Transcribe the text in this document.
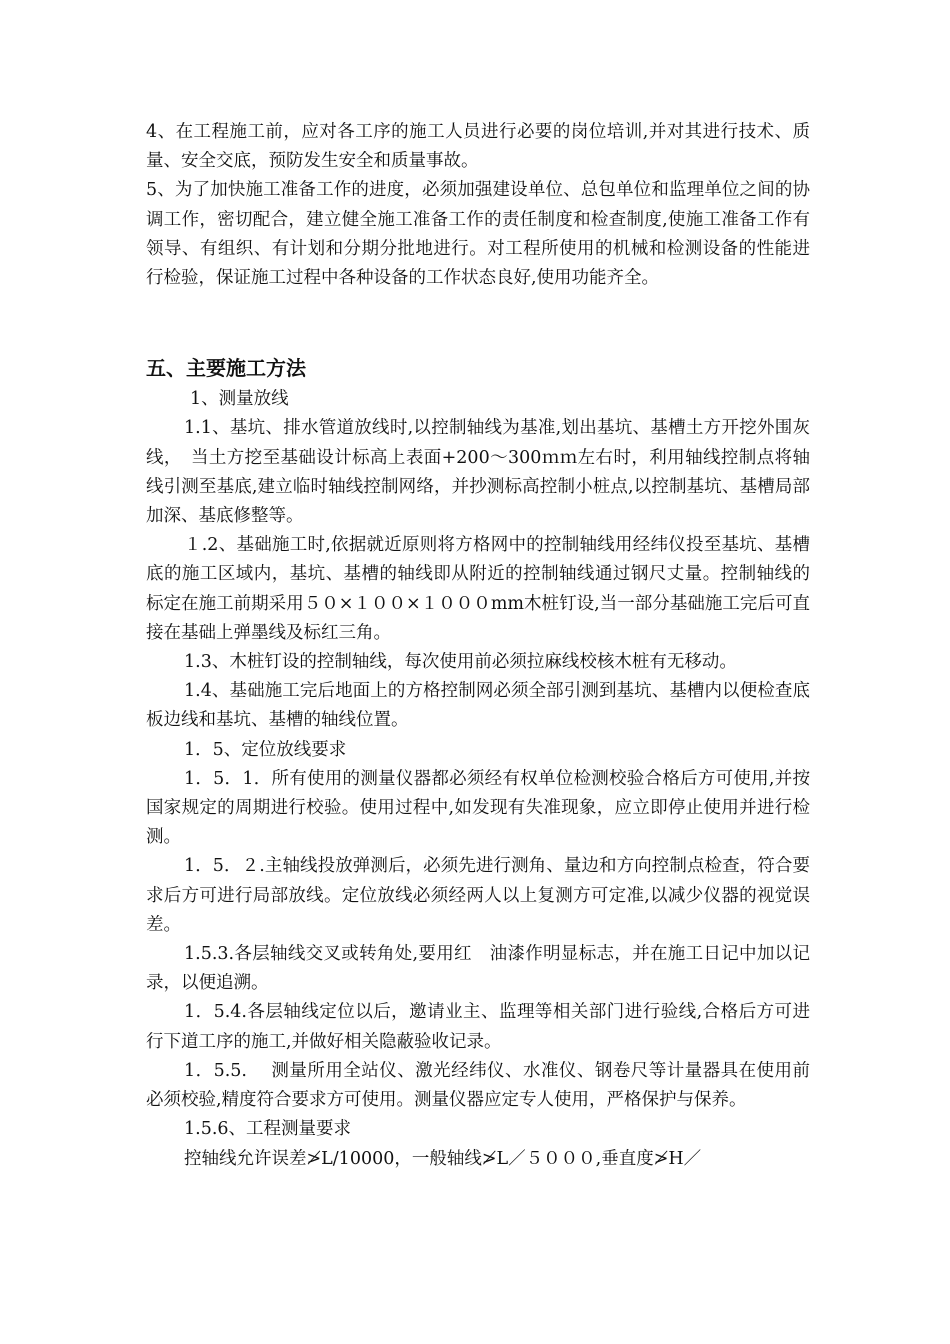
4、在工程施工前，应对各工序的施工人员进行必要的岗位培训,并对其进行技术、质量、安全交底，预防发生安全和质量事故。

5、为了加快施工准备工作的进度，必须加强建设单位、总包单位和监理单位之间的协调工作，密切配合，建立健全施工准备工作的责任制度和检查制度,使施工准备工作有领导、有组织、有计划和分期分批地进行。对工程所使用的机械和检测设备的性能进行检验，保证施工过程中各种设备的工作状态良好,使用功能齐全。

五、主要施工方法

1、测量放线

1.1、基坑、排水管道放线时,以控制轴线为基准,划出基坑、基槽土方开挖外围灰线，　当土方挖至基础设计标高上表面+200～300ｍｍ左右时，利用轴线控制点将轴线引测至基底,建立临时轴线控制网络，并抄测标高控制小桩点,以控制基坑、基槽局部加深、基底修整等。

１.2、基础施工时,依据就近原则将方格网中的控制轴线用经纬仪投至基坑、基槽底的施工区域内，基坑、基槽的轴线即从附近的控制轴线通过钢尺丈量。控制轴线的标定在施工前期采用５０×１００×１０００mm木桩钉设,当一部分基础施工完后可直接在基础上弹墨线及标红三角。

1.3、木桩钉设的控制轴线，每次使用前必须拉麻线校核木桩有无移动。

1.4、基础施工完后地面上的方格控制网必须全部引测到基坑、基槽内以便检查底板边线和基坑、基槽的轴线位置。

1．5、定位放线要求

1．5．1．所有使用的测量仪器都必须经有权单位检测校验合格后方可使用,并按国家规定的周期进行校验。使用过程中,如发现有失准现象，应立即停止使用并进行检测。

1．5．２.主轴线投放弹测后，必须先进行测角、量边和方向控制点检查，符合要求后方可进行局部放线。定位放线必须经两人以上复测方可定准,以减少仪器的视觉误差。

1.5.3.各层轴线交叉或转角处,要用红　油漆作明显标志，并在施工日记中加以记录，以便追溯。

1．5.4.各层轴线定位以后，邀请业主、监理等相关部门进行验线,合格后方可进行下道工序的施工,并做好相关隐蔽验收记录。

1．5.5.　 测量所用全站仪、激光经纬仪、水准仪、钢卷尺等计量器具在使用前必须校验,精度符合要求方可使用。测量仪器应定专人使用，严格保护与保养。

1.5.6、工程测量要求

控轴线允许误差≯L/10000，一般轴线≯L／５０００,垂直度≯H／
